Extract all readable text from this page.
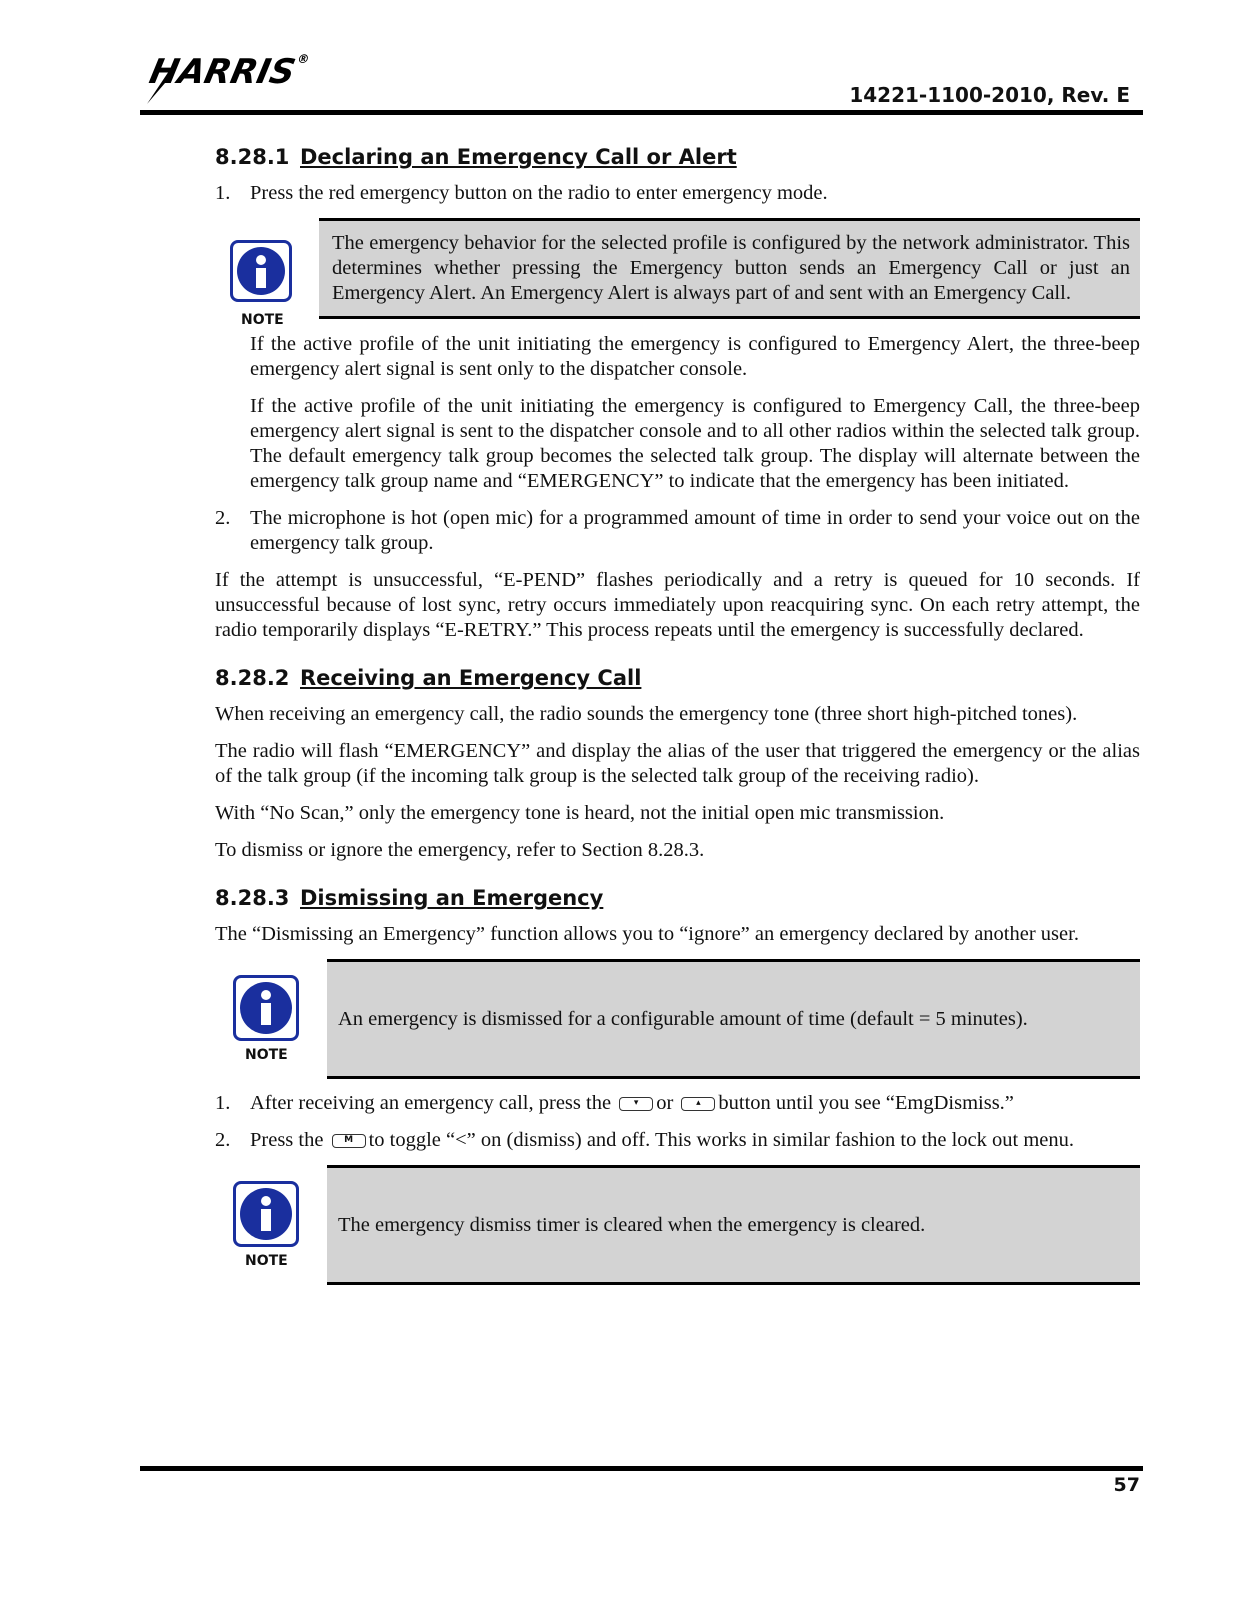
HARRIS®
14221-1100-2010, Rev. E
8.28.1 Declaring an Emergency Call or Alert
1. Press the red emergency button on the radio to enter emergency mode.
NOTE

The emergency behavior for the selected profile is configured by the network administrator. This determines whether pressing the Emergency button sends an Emergency Call or just an Emergency Alert. An Emergency Alert is always part of and sent with an Emergency Call.

If the active profile of the unit initiating the emergency is configured to Emergency Alert, the three-beep emergency alert signal is sent only to the dispatcher console.

If the active profile of the unit initiating the emergency is configured to Emergency Call, the three-beep emergency alert signal is sent to the dispatcher console and to all other radios within the selected talk group. The default emergency talk group becomes the selected talk group. The display will alternate between the emergency talk group name and “EMERGENCY” to indicate that the emergency has been initiated.

2. The microphone is hot (open mic) for a programmed amount of time in order to send your voice out on the emergency talk group.

If the attempt is unsuccessful, “E-PEND” flashes periodically and a retry is queued for 10 seconds. If unsuccessful because of lost sync, retry occurs immediately upon reacquiring sync. On each retry attempt, the radio temporarily displays “E-RETRY.” This process repeats until the emergency is successfully declared.

8.28.2 Receiving an Emergency Call

When receiving an emergency call, the radio sounds the emergency tone (three short high-pitched tones).

The radio will flash “EMERGENCY” and display the alias of the user that triggered the emergency or the alias of the talk group (if the incoming talk group is the selected talk group of the receiving radio).

With “No Scan,” only the emergency tone is heard, not the initial open mic transmission.

To dismiss or ignore the emergency, refer to Section 8.28.3.

8.28.3 Dismissing an Emergency

The “Dismissing an Emergency” function allows you to “ignore” an emergency declared by another user.

NOTE

An emergency is dismissed for a configurable amount of time (default = 5 minutes).

1. After receiving an emergency call, press the	▾ or	▴ button until you see “EmgDismiss.”
2. Press the M to toggle “<” on (dismiss) and off. This works in similar fashion to the lock out menu.
NOTE

The emergency dismiss timer is cleared when the emergency is cleared.

57
